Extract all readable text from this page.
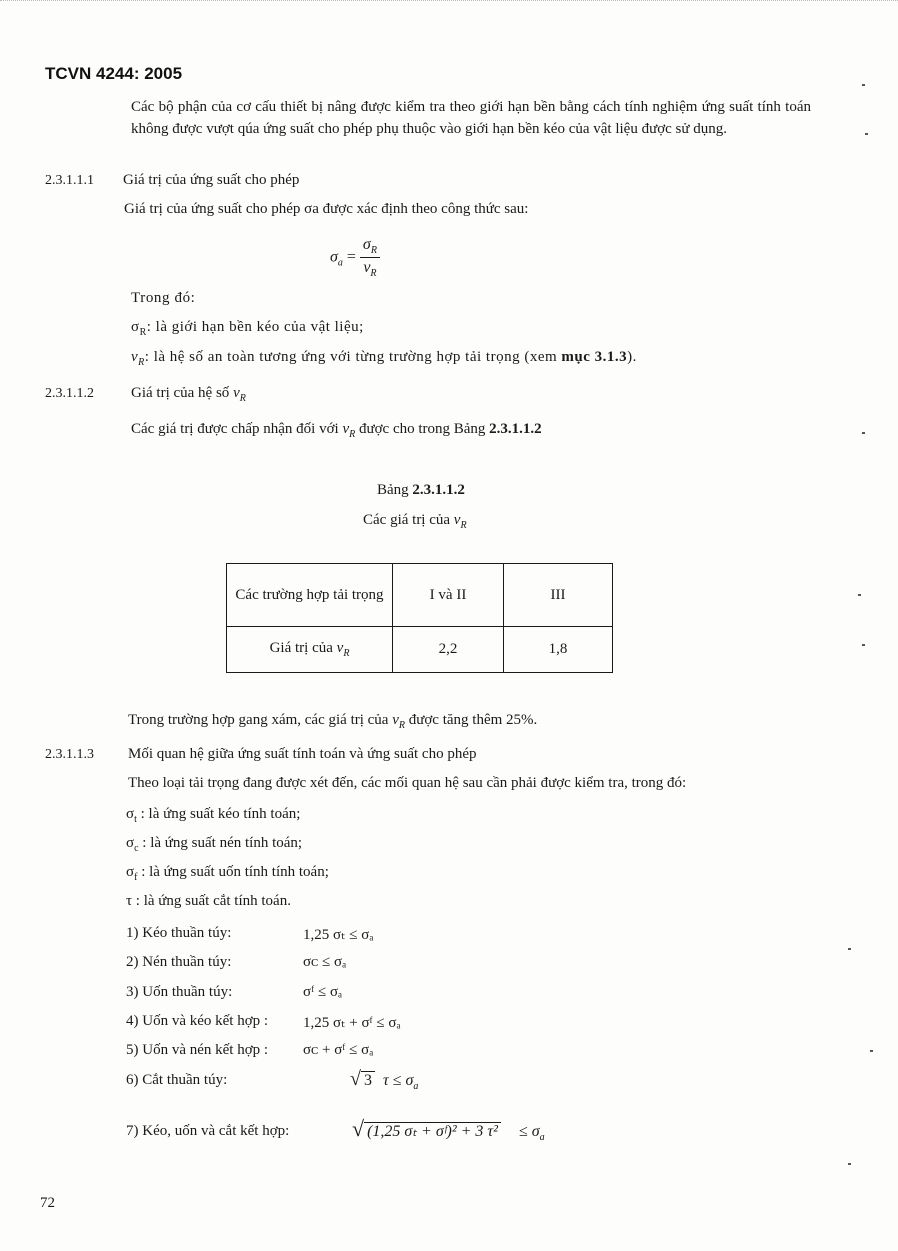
TCVN 4244: 2005
Các bộ phận của cơ cấu thiết bị nâng được kiểm tra theo giới hạn bền bằng cách tính nghiệm ứng suất tính toán không được vượt qúa ứng suất cho phép phụ thuộc vào giới hạn bền kéo của vật liệu được sử dụng.
2.3.1.1.1 Giá trị của ứng suất cho phép
Giá trị của ứng suất cho phép σa được xác định theo công thức sau:
$\sigma_a = \frac{\sigma_R}{\nu_R}$
Trong đó:
$\sigma_R$: là giới hạn bền kéo của vật liệu;
$\nu_R$: là hệ số an toàn tương ứng với từng trường hợp tải trọng (xem mục 3.1.3).
2.3.1.1.2 Giá trị của hệ số $\nu_R$
Các giá trị được chấp nhận đối với $\nu_R$ được cho trong Bảng 2.3.1.1.2
Bảng 2.3.1.1.2
Các giá trị của $\nu_R$
Các trường hợp tải trọng	I và II	III
Giá trị của $\nu_R$	2,2	1,8
Trong trường hợp gang xám, các giá trị của $\nu_R$ được tăng thêm 25%.
2.3.1.1.3 Mối quan hệ giữa ứng suất tính toán và ứng suất cho phép
Theo loại tải trọng đang được xét đến, các mối quan hệ sau cần phải được kiểm tra, trong đó:
$\sigma_t$ : là ứng suất kéo tính toán;
$\sigma_c$ : là ứng suất nén tính toán;
$\sigma_f$ : là ứng suất uốn tính tính toán;
τ : là ứng suất cắt tính toán.
1) Kéo thuần túy:	1,25 σₜ ≤ σₐ
2) Nén thuần túy:	σᴄ ≤ σₐ
3) Uốn thuần túy:	σᶠ ≤ σₐ
4) Uốn và kéo kết hợp : 1,25 σₜ + σᶠ ≤ σₐ
5) Uốn và nén kết hợp : σᴄ + σᶠ ≤ σₐ
6) Cắt thuần túy:	√ 3 $\tau \le \sigma_a$
7) Kéo, uốn và cắt kết hợp:	√ (1,25 σₜ + σᶠ)² + 3 $\tau^2 \le \sigma_a$
72
